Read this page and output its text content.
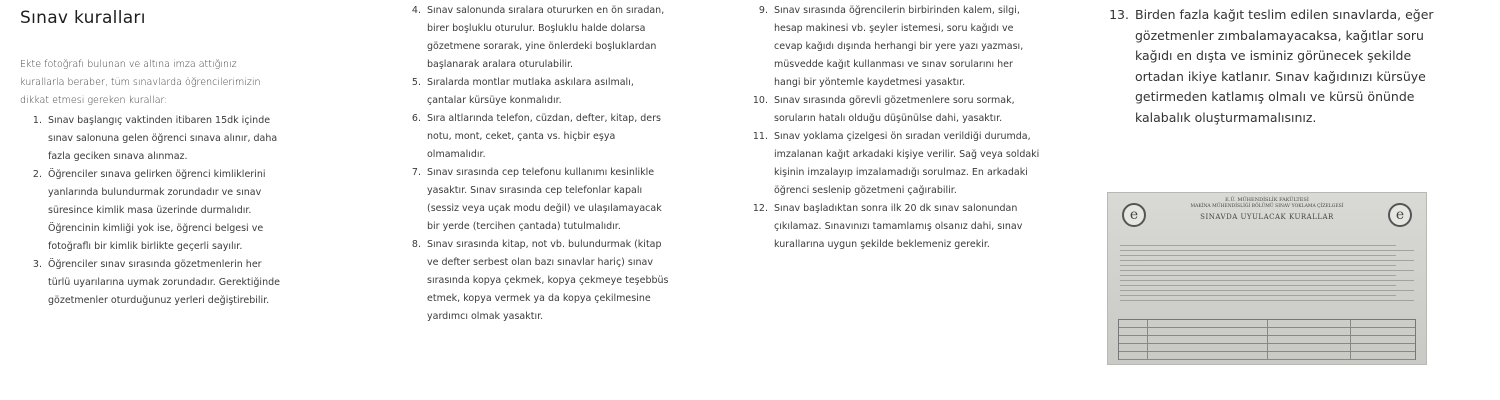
Sınav kuralları

Ekte fotoğrafı bulunan ve altına imza attığınız kurallarla beraber, tüm sınavlarda öğrencilerimizin dikkat etmesi gereken kurallar:

1. Sınav başlangıç vaktinden itibaren 15dk içinde sınav salonuna gelen öğrenci sınava alınır, daha fazla geciken sınava alınmaz.
2. Öğrenciler sınava gelirken öğrenci kimliklerini yanlarında bulundurmak zorundadır ve sınav süresince kimlik masa üzerinde durmalıdır. Öğrencinin kimliği yok ise, öğrenci belgesi ve fotoğraflı bir kimlik birlikte geçerli sayılır.
3. Öğrenciler sınav sırasında gözetmenlerin her türlü uyarılarına uymak zorundadır. Gerektiğinde gözetmenler oturduğunuz yerleri değiştirebilir.
4. Sınav salonunda sıralara otururken en ön sıradan, birer boşluklu oturulur. Boşluklu halde dolarsa gözetmene sorarak, yine önlerdeki boşluklardan başlanarak aralara oturulabilir.
5. Sıralarda montlar mutlaka askılara asılmalı, çantalar kürsüye konmalıdır.
6. Sıra altlarında telefon, cüzdan, defter, kitap, ders notu, mont, ceket, çanta vs. hiçbir eşya olmamalıdır.
7. Sınav sırasında cep telefonu kullanımı kesinlikle yasaktır. Sınav sırasında cep telefonlar kapalı (sessiz veya uçak modu değil) ve ulaşılamayacak bir yerde (tercihen çantada) tutulmalıdır.
8. Sınav sırasında kitap, not vb. bulundurmak (kitap ve defter serbest olan bazı sınavlar hariç) sınav sırasında kopya çekmek, kopya çekmeye teşebbüs etmek, kopya vermek ya da kopya çekilmesine yardımcı olmak yasaktır.
9. Sınav sırasında öğrencilerin birbirinden kalem, silgi, hesap makinesi vb. şeyler istemesi, soru kağıdı ve cevap kağıdı dışında herhangi bir yere yazı yazması, müsvedde kağıt kullanması ve sınav sorularını her hangi bir yöntemle kaydetmesi yasaktır.
10. Sınav sırasında görevli gözetmenlere soru sormak, soruların hatalı olduğu düşünülse dahi, yasaktır.
11. Sınav yoklama çizelgesi ön sıradan verildiği durumda, imzalanan kağıt arkadaki kişiye verilir. Sağ veya soldaki kişinin imzalayıp imzalamadığı sorulmaz. En arkadaki öğrenci seslenip gözetmeni çağırabilir.
12. Sınav başladıktan sonra ilk 20 dk sınav salonundan çıkılamaz. Sınavınızı tamamlamış olsanız dahi, sınav kurallarına uygun şekilde beklemeniz gerekir.
13. Birden fazla kağıt teslim edilen sınavlarda, eğer gözetmenler zımbalamayacaksa, kağıtlar soru kağıdı en dışta ve isminiz görünecek şekilde ortadan ikiye katlanır. Sınav kağıdınızı kürsüye getirmeden katlamış olmalı ve kürsü önünde kalabalık oluşturmamalısınız.
e	e
E.Ü. MÜHENDİSLİK FAKÜLTESİ
MAKİNA MÜHENDİSLİĞİ BÖLÜMÜ SINAV YOKLAMA ÇİZELGESİ
SINAVDA UYULACAK KURALLAR
